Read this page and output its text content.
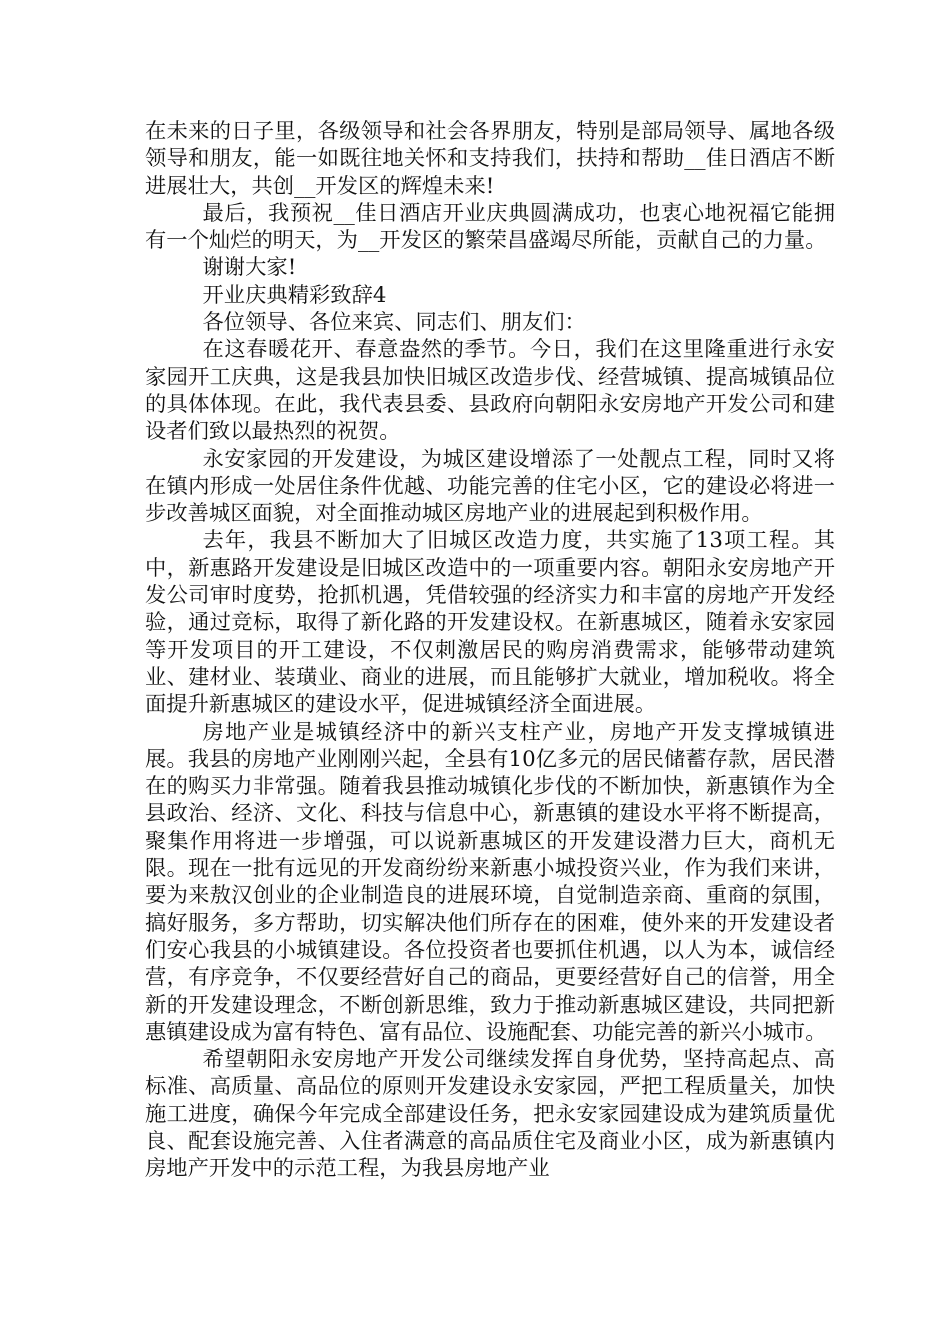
在未来的日子里，各级领导和社会各界朋友，特别是部局领导、属地各级领导和朋友，能一如既往地关怀和支持我们，扶持和帮助__佳日酒店不断进展壮大，共创__开发区的辉煌未来!

最后，我预祝__佳日酒店开业庆典圆满成功，也衷心地祝福它能拥有一个灿烂的明天，为__开发区的繁荣昌盛竭尽所能，贡献自己的力量。

谢谢大家!

开业庆典精彩致辞4

各位领导、各位来宾、同志们、朋友们：

在这春暖花开、春意盎然的季节。今日，我们在这里隆重进行永安家园开工庆典，这是我县加快旧城区改造步伐、经营城镇、提高城镇品位的具体体现。在此，我代表县委、县政府向朝阳永安房地产开发公司和建设者们致以最热烈的祝贺。

永安家园的开发建设，为城区建设增添了一处靓点工程，同时又将在镇内形成一处居住条件优越、功能完善的住宅小区，它的建设必将进一步改善城区面貌，对全面推动城区房地产业的进展起到积极作用。

去年，我县不断加大了旧城区改造力度，共实施了13项工程。其中，新惠路开发建设是旧城区改造中的一项重要内容。朝阳永安房地产开发公司审时度势，抢抓机遇，凭借较强的经济实力和丰富的房地产开发经验，通过竞标，取得了新化路的开发建设权。在新惠城区，随着永安家园等开发项目的开工建设，不仅刺激居民的购房消费需求，能够带动建筑业、建材业、装璜业、商业的进展，而且能够扩大就业，增加税收。将全面提升新惠城区的建设水平，促进城镇经济全面进展。

房地产业是城镇经济中的新兴支柱产业，房地产开发支撑城镇进展。我县的房地产业刚刚兴起，全县有10亿多元的居民储蓄存款，居民潜在的购买力非常强。随着我县推动城镇化步伐的不断加快，新惠镇作为全县政治、经济、文化、科技与信息中心，新惠镇的建设水平将不断提高，聚集作用将进一步增强，可以说新惠城区的开发建设潜力巨大，商机无限。现在一批有远见的开发商纷纷来新惠小城投资兴业，作为我们来讲，要为来敖汉创业的企业制造良的进展环境，自觉制造亲商、重商的氛围，搞好服务，多方帮助，切实解决他们所存在的困难，使外来的开发建设者们安心我县的小城镇建设。各位投资者也要抓住机遇，以人为本，诚信经营，有序竞争，不仅要经营好自己的商品，更要经营好自己的信誉，用全新的开发建设理念，不断创新思维，致力于推动新惠城区建设，共同把新惠镇建设成为富有特色、富有品位、设施配套、功能完善的新兴小城市。

希望朝阳永安房地产开发公司继续发挥自身优势，坚持高起点、高标准、高质量、高品位的原则开发建设永安家园，严把工程质量关，加快施工进度，确保今年完成全部建设任务，把永安家园建设成为建筑质量优良、配套设施完善、入住者满意的高品质住宅及商业小区，成为新惠镇内房地产开发中的示范工程，为我县房地产业
